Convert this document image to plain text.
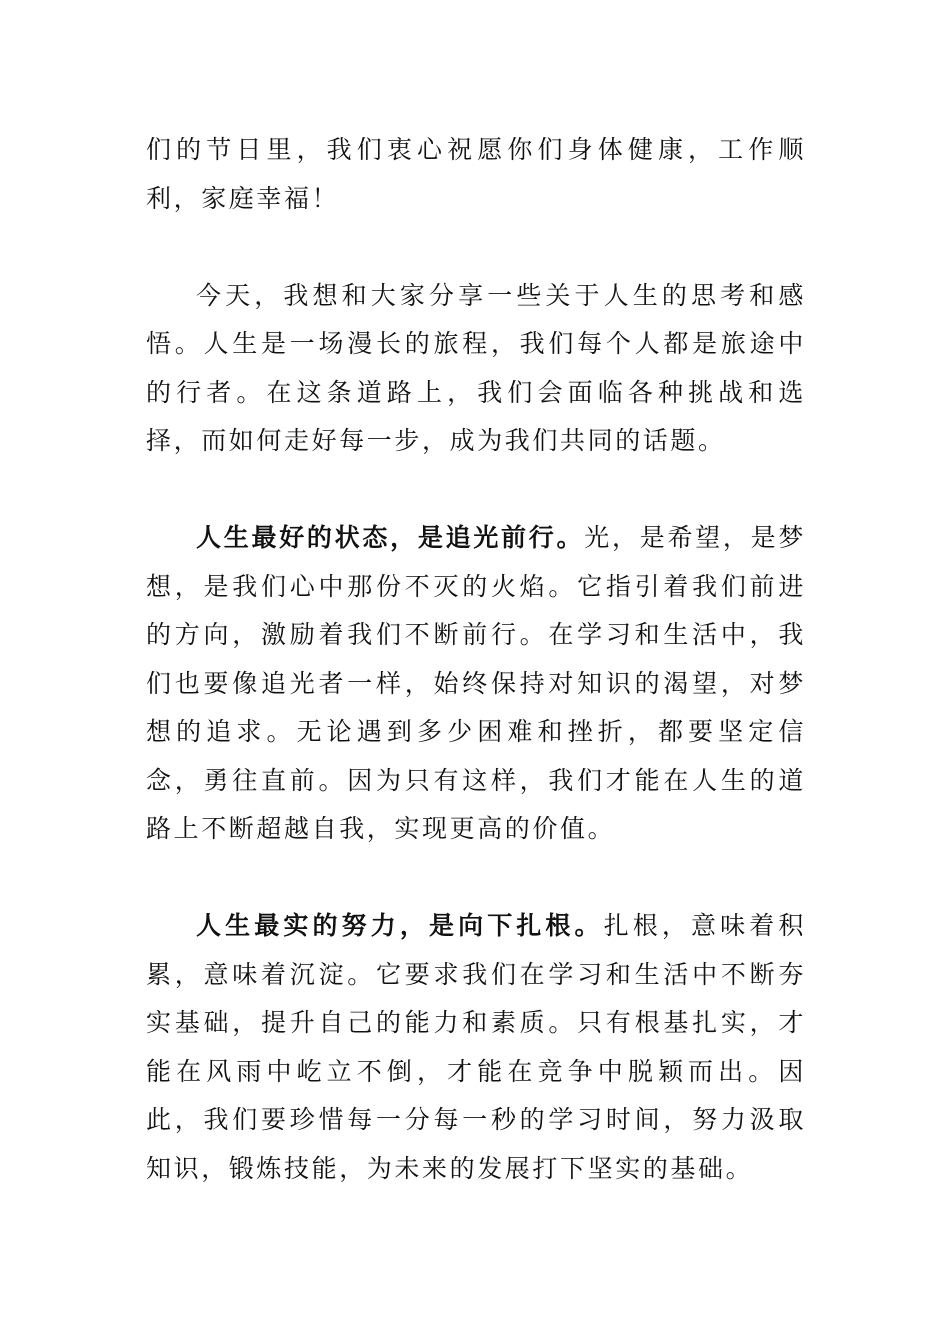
们的节日里，我们衷心祝愿你们身体健康，工作顺利，家庭幸福！

今天，我想和大家分享一些关于人生的思考和感悟。人生是一场漫长的旅程，我们每个人都是旅途中的行者。在这条道路上，我们会面临各种挑战和选择，而如何走好每一步，成为我们共同的话题。

人生最好的状态，是追光前行。光，是希望，是梦想，是我们心中那份不灭的火焰。它指引着我们前进的方向，激励着我们不断前行。在学习和生活中，我们也要像追光者一样，始终保持对知识的渴望，对梦想的追求。无论遇到多少困难和挫折，都要坚定信念，勇往直前。因为只有这样，我们才能在人生的道路上不断超越自我，实现更高的价值。

人生最实的努力，是向下扎根。扎根，意味着积累，意味着沉淀。它要求我们在学习和生活中不断夯实基础，提升自己的能力和素质。只有根基扎实，才能在风雨中屹立不倒，才能在竞争中脱颖而出。因此，我们要珍惜每一分每一秒的学习时间，努力汲取知识，锻炼技能，为未来的发展打下坚实的基础。
